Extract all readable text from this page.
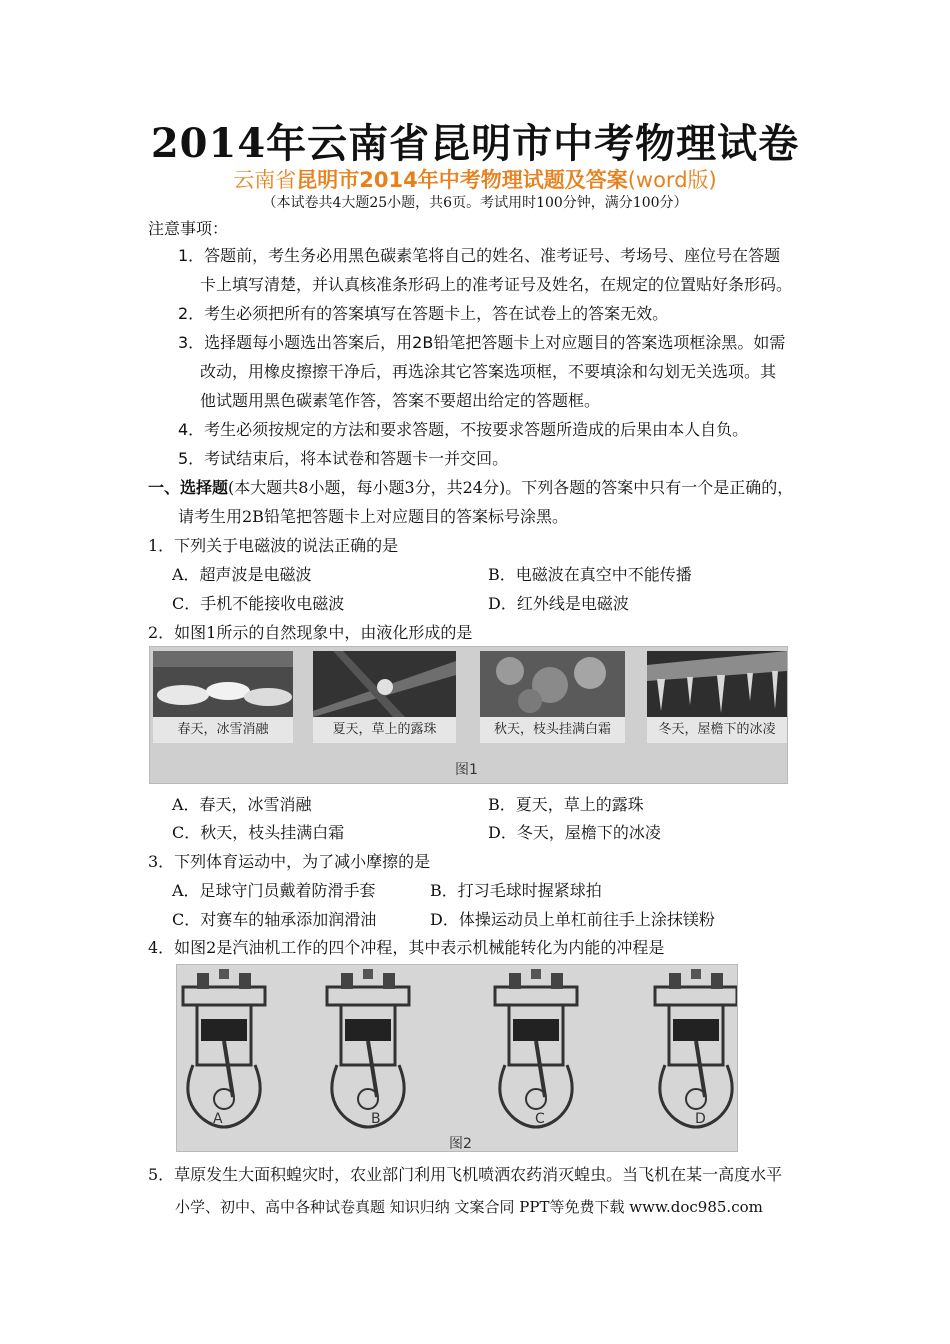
2014年云南省昆明市中考物理试卷
云南省昆明市2014年中考物理试题及答案(word版)
（本试卷共4大题25小题，共6页。考试用时100分钟，满分100分）
注意事项：
1．答题前，考生务必用黑色碳素笔将自己的姓名、准考证号、考场号、座位号在答题
卡上填写清楚，并认真核准条形码上的准考证号及姓名，在规定的位置贴好条形码。
2．考生必须把所有的答案填写在答题卡上，答在试卷上的答案无效。
3．选择题每小题选出答案后，用2B铅笔把答题卡上对应题目的答案选项框涂黑。如需
改动，用橡皮擦擦干净后，再选涂其它答案选项框，不要填涂和勾划无关选项。其
他试题用黑色碳素笔作答，答案不要超出给定的答题框。
4．考生必须按规定的方法和要求答题，不按要求答题所造成的后果由本人自负。
5．考试结束后，将本试卷和答题卡一并交回。
一、选择题(本大题共8小题，每小题3分，共24分)。下列各题的答案中只有一个是正确的，
请考生用2B铅笔把答题卡上对应题目的答案标号涂黑。
1．下列关于电磁波的说法正确的是
A．超声波是电磁波	B．电磁波在真空中不能传播
C．手机不能接收电磁波	D．红外线是电磁波
2．如图1所示的自然现象中，由液化形成的是
春天，冰雪消融	夏天，草上的露珠	秋天，枝头挂满白霜	冬天，屋檐下的冰凌
图1
A．春天，冰雪消融	B．夏天，草上的露珠
C．秋天，枝头挂满白霜	D．冬天，屋檐下的冰凌
3．下列体育运动中，为了减小摩擦的是
A．足球守门员戴着防滑手套	B．打习毛球时握紧球拍
C．对赛车的轴承添加润滑油	D．体操运动员上单杠前往手上涂抹镁粉
4．如图2是汽油机工作的四个冲程，其中表示机械能转化为内能的冲程是
A	B	C	D
图2
5．草原发生大面积蝗灾时，农业部门利用飞机喷洒农药消灭蝗虫。当飞机在某一高度水平
小学、初中、高中各种试卷真题 知识归纳 文案合同 PPT等免费下载 www.doc985.com
